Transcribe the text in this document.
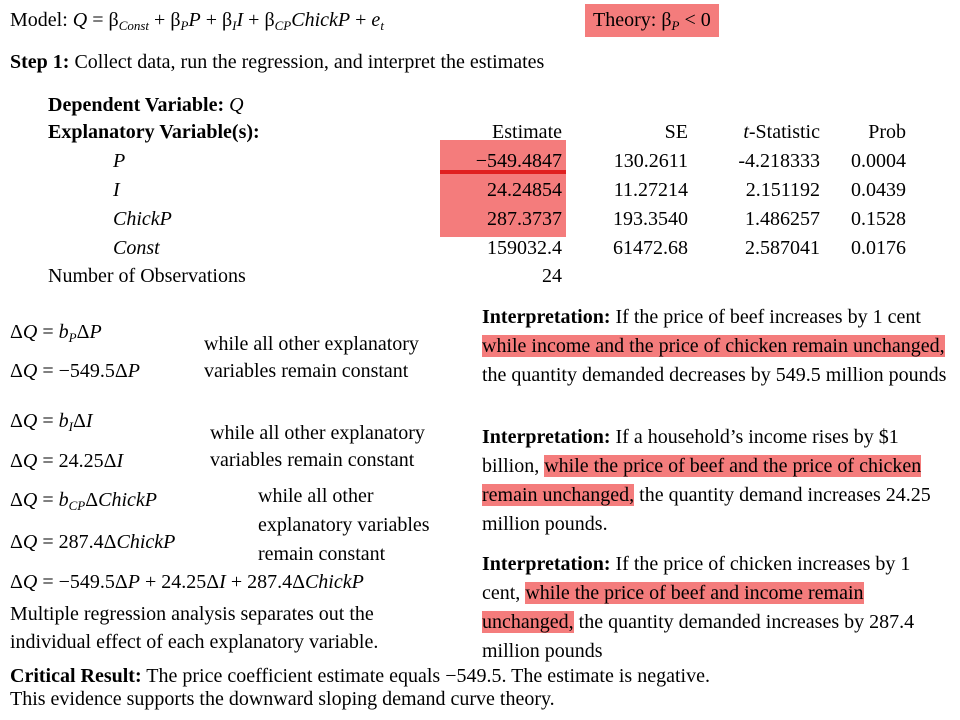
Model: $Q = \beta_{Const} + \beta_PP + \beta_II$ + $\beta_{CP}ChickP + e_t$	Theory: $\beta_P < 0$
Step 1: Collect data, run the regression, and interpret the estimates
Dependent Variable: Q
Explanatory Variable(s):	Estimate	SE	t-Statistic	Prob
P	−549.4847	130.2611	-4.218333	0.0004
I	24.24854	11.27214	2.151192	0.0439
ChickP	287.3737	193.3540	1.486257	0.1528
Const	159032.4	61472.68	2.587041	0.0176
Number of Observations	24
$\Delta Q = b_P\Delta P$
ΔQ = −549.5ΔP
while all other explanatory
variables remain constant
$\Delta Q = b_I\Delta I$
ΔQ = 24.25ΔI
while all other explanatory
variables remain constant
$\Delta Q = b_{CP}\Delta ChickP$
ΔQ = 287.4ΔChickP
while all other
explanatory variables
remain constant
ΔQ = −549.5ΔP + 24.25ΔI + 287.4ΔChickP
Multiple regression analysis separates out the
individual effect of each explanatory variable.
Interpretation: If the price of beef increases by 1 cent while income and the price of chicken remain unchanged, the quantity demanded decreases by 549.5 million pounds
Interpretation: If a household’s income rises by $1 billion, while the price of beef and the price of chicken remain unchanged, the quantity demand increases 24.25 million pounds.
Interpretation: If the price of chicken increases by 1 cent, while the price of beef and income remain unchanged, the quantity demanded increases by 287.4 million pounds
Critical Result: The price coefficient estimate equals −549.5. The estimate is negative.
This evidence supports the downward sloping demand curve theory.
